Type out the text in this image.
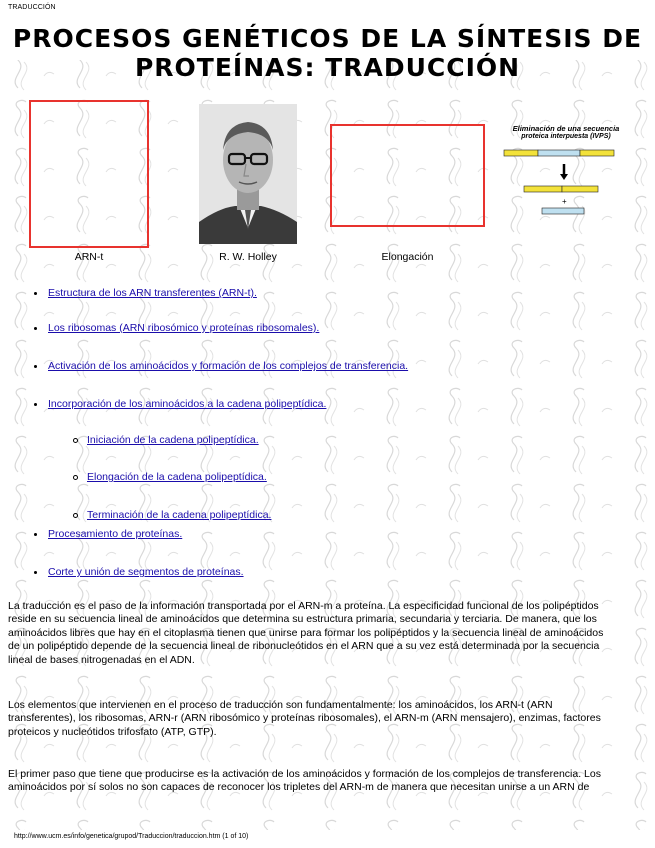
TRADUCCIÓN
PROCESOS GENÉTICOS DE LA SÍNTESIS DE
PROTEÍNAS: TRADUCCIÓN
ARN-t	R. W. Holley	Elongación
Eliminación de una secuencia
proteica interpuesta (IVPS)
+
Estructura de los ARN transferentes (ARN-t).
Los ribosomas (ARN ribosómico y proteínas ribosomales).
Activación de los aminoácidos y formación de los complejos de transferencia.
Incorporación de los aminoácidos a la cadena polipeptídica.
Iniciación de la cadena polipeptídica.
Elongación de la cadena polipeptídica.
Terminación de la cadena polipeptídica.
Procesamiento de proteínas.
Corte y unión de segmentos de proteínas.
La traducción es el paso de la información transportada por el ARN-m a proteína. La especificidad funcional de los polipéptidos
reside en su secuencia lineal de aminoácidos que determina su estructura primaria, secundaria y terciaria. De manera, que los
aminoácidos libres que hay en el citoplasma tienen que unirse para formar los polipéptidos y la secuencia lineal de aminoácidos
de un polipéptido depende de la secuencia lineal de ribonucleótidos en el ARN que a su vez está determinada por la secuencia
lineal de bases nitrogenadas en el ADN.
Los elementos que intervienen en el proceso de traducción son fundamentalmente: los aminoácidos, los ARN-t (ARN
transferentes), los ribosomas, ARN-r (ARN ribosómico y proteínas ribosomales), el ARN-m (ARN mensajero), enzimas, factores
proteicos y nucleótidos trifosfato (ATP, GTP).
El primer paso que tiene que producirse es la activación de los aminoácidos y formación de los complejos de transferencia. Los
aminoácidos por sí solos no son capaces de reconocer los tripletes del ARN-m de manera que necesitan unirse a un ARN de
http://www.ucm.es/info/genetica/grupod/Traduccion/traduccion.htm (1 of 10)
